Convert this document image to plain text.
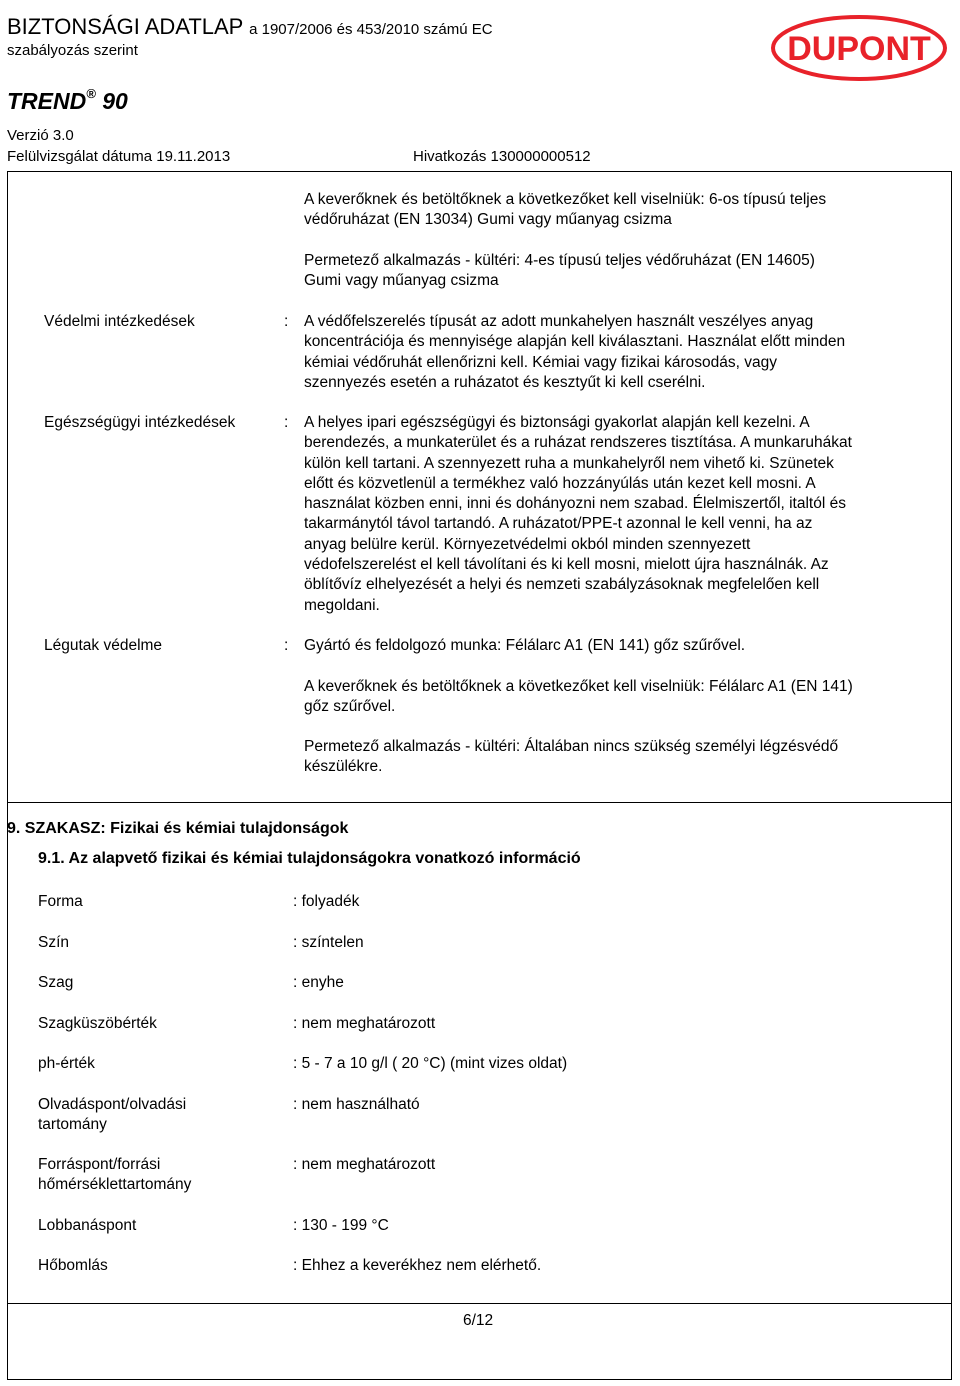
BIZTONSÁGI ADATLAP a 1907/2006 és 453/2010 számú EC
szabályozás szerint
TREND® 90
Verzió 3.0
Felülvizsgálat dátuma 19.11.2013	Hivatkozás 130000000512
DUPONT
A keverőknek és betöltőknek a következőket kell viselniük: 6-os típusú teljes
védőruházat (EN 13034) Gumi vagy műanyag csizma
Permetező alkalmazás - kültéri: 4-es típusú teljes védőruházat (EN 14605)
Gumi vagy műanyag csizma
Védelmi intézkedések	: A védőfelszerelés típusát az adott munkahelyen használt veszélyes anyag
koncentrációja és mennyisége alapján kell kiválasztani. Használat előtt minden
kémiai védőruhát ellenőrizni kell. Kémiai vagy fizikai károsodás, vagy
szennyezés esetén a ruházatot és kesztyűt ki kell cserélni.
Egészségügyi intézkedések	: A helyes ipari egészségügyi és biztonsági gyakorlat alapján kell kezelni. A
berendezés, a munkaterület és a ruházat rendszeres tisztítása. A munkaruhákat
külön kell tartani. A szennyezett ruha a munkahelyről nem vihető ki. Szünetek
előtt és közvetlenül a termékhez való hozzányúlás után kezet kell mosni. A
használat közben enni, inni és dohányozni nem szabad. Élelmiszertől, italtól és
takarmánytól távol tartandó. A ruházatot/PPE-t azonnal le kell venni, ha az
anyag belülre kerül. Környezetvédelmi okból minden szennyezett
védofelszerelést el kell távolítani és ki kell mosni, mielott újra használnák. Az
öblítővíz elhelyezését a helyi és nemzeti szabályzásoknak megfelelően kell
megoldani.
Légutak védelme	: Gyártó és feldolgozó munka: Félálarc A1 (EN 141) gőz szűrővel.
A keverőknek és betöltőknek a következőket kell viselniük: Félálarc A1 (EN 141)
gőz szűrővel.
Permetező alkalmazás - kültéri: Általában nincs szükség személyi légzésvédő
készülékre.
9. SZAKASZ: Fizikai és kémiai tulajdonságok
9.1. Az alapvető fizikai és kémiai tulajdonságokra vonatkozó információ
Forma	: folyadék
Szín	: színtelen
Szag	: enyhe
Szagküszöbérték	: nem meghatározott
ph-érték	: 5 - 7 a 10 g/l ( 20 °C) (mint vizes oldat)
Olvadáspont/olvadási
tartomány
: nem használható
Forráspont/forrási
hőmérséklettartomány
: nem meghatározott
Lobbanáspont	: 130 - 199 °C
Hőbomlás	: Ehhez a keverékhez nem elérhető.
6/12
